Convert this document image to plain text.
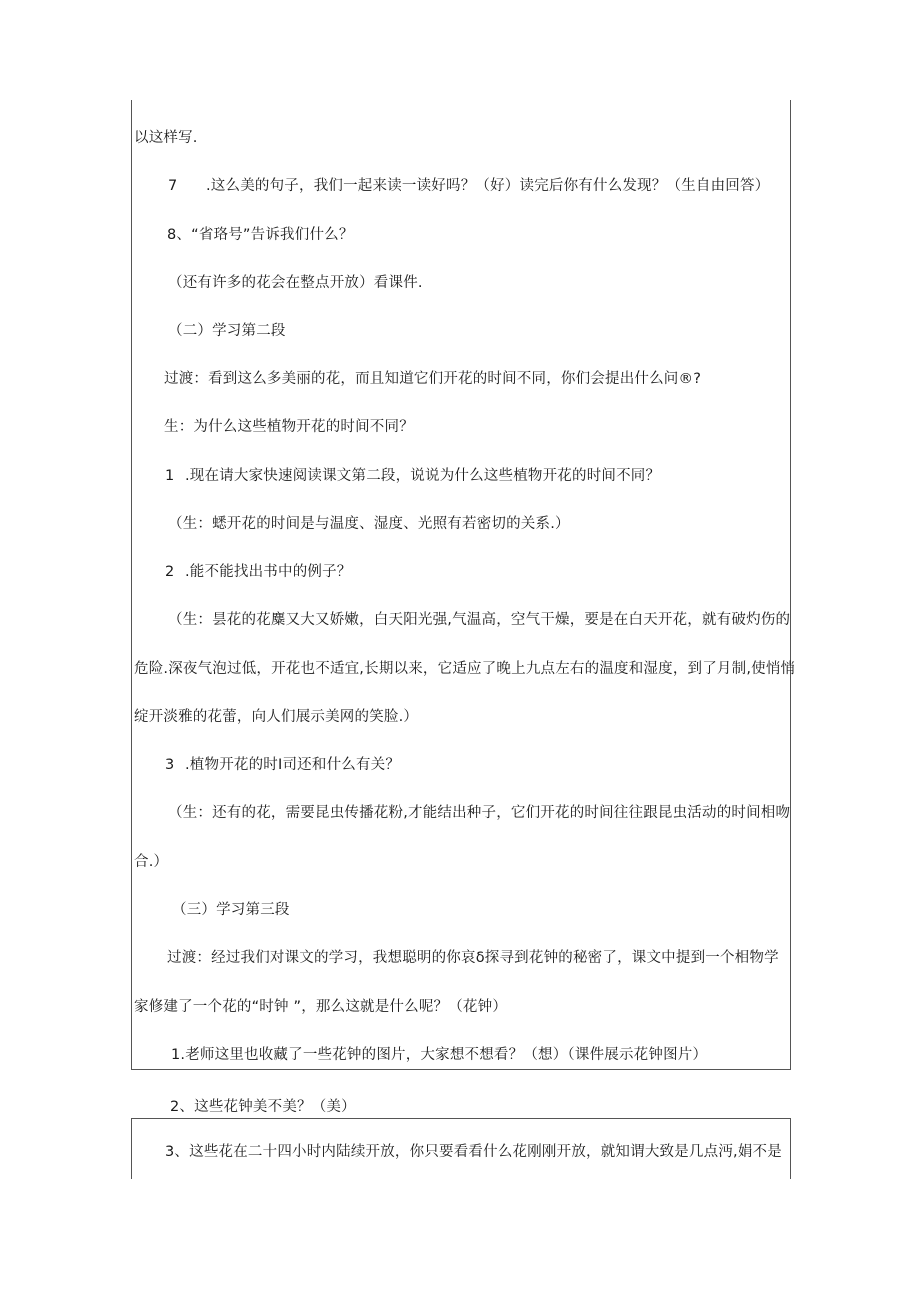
以这样写.
7 .这么美的句子，我们一起来读一读好吗？（好）读完后你有什么发现？（生自由回答）
8、“省珞号”告诉我们什么？
（还有许多的花会在整点开放）看课件.
（二）学习第二段
过渡：看到这么多美丽的花，而且知道它们开花的时间不同，你们会提出什么问®?
生：为什么这些植物开花的时间不同？
1 .现在请大家快速阅读课文第二段，说说为什么这些植物开花的时间不同？
（生：蟋开花的时间是与温度、湿度、光照有若密切的关系.）
2 .能不能找出书中的例子？
（生：昙花的花麋又大又娇嫩，白天阳光强,气温高，空气干燥，要是在白天开花，就有破灼伤的
危险.深夜气泡过低，开花也不适宜,长期以来，它适应了晚上九点左右的温度和湿度，到了月制,使悄悄
绽开淡雅的花蕾，向人们展示美网的笑脸.）
3 .植物开花的时I司还和什么有关？
（生：还有的花，需要昆虫传播花粉,才能结出种子，它们开花的时间往往跟昆虫活动的时间相吻
合.）
（三）学习第三段
过渡：经过我们对课文的学习，我想聪明的你哀δ探寻到花钟的秘密了，课文中提到一个相物学
家修建了一个花的“时钟 ”，那么这就是什么呢？（花钟）
1.老师这里也收藏了一些花钟的图片，大家想不想看？（想）（课件展示花钟图片）
2、这些花钟美不美？（美）
3、这些花在二十四小时内陆续开放，你只要看看什么花刚刚开放，就知谓大致是几点沔,娟不是
